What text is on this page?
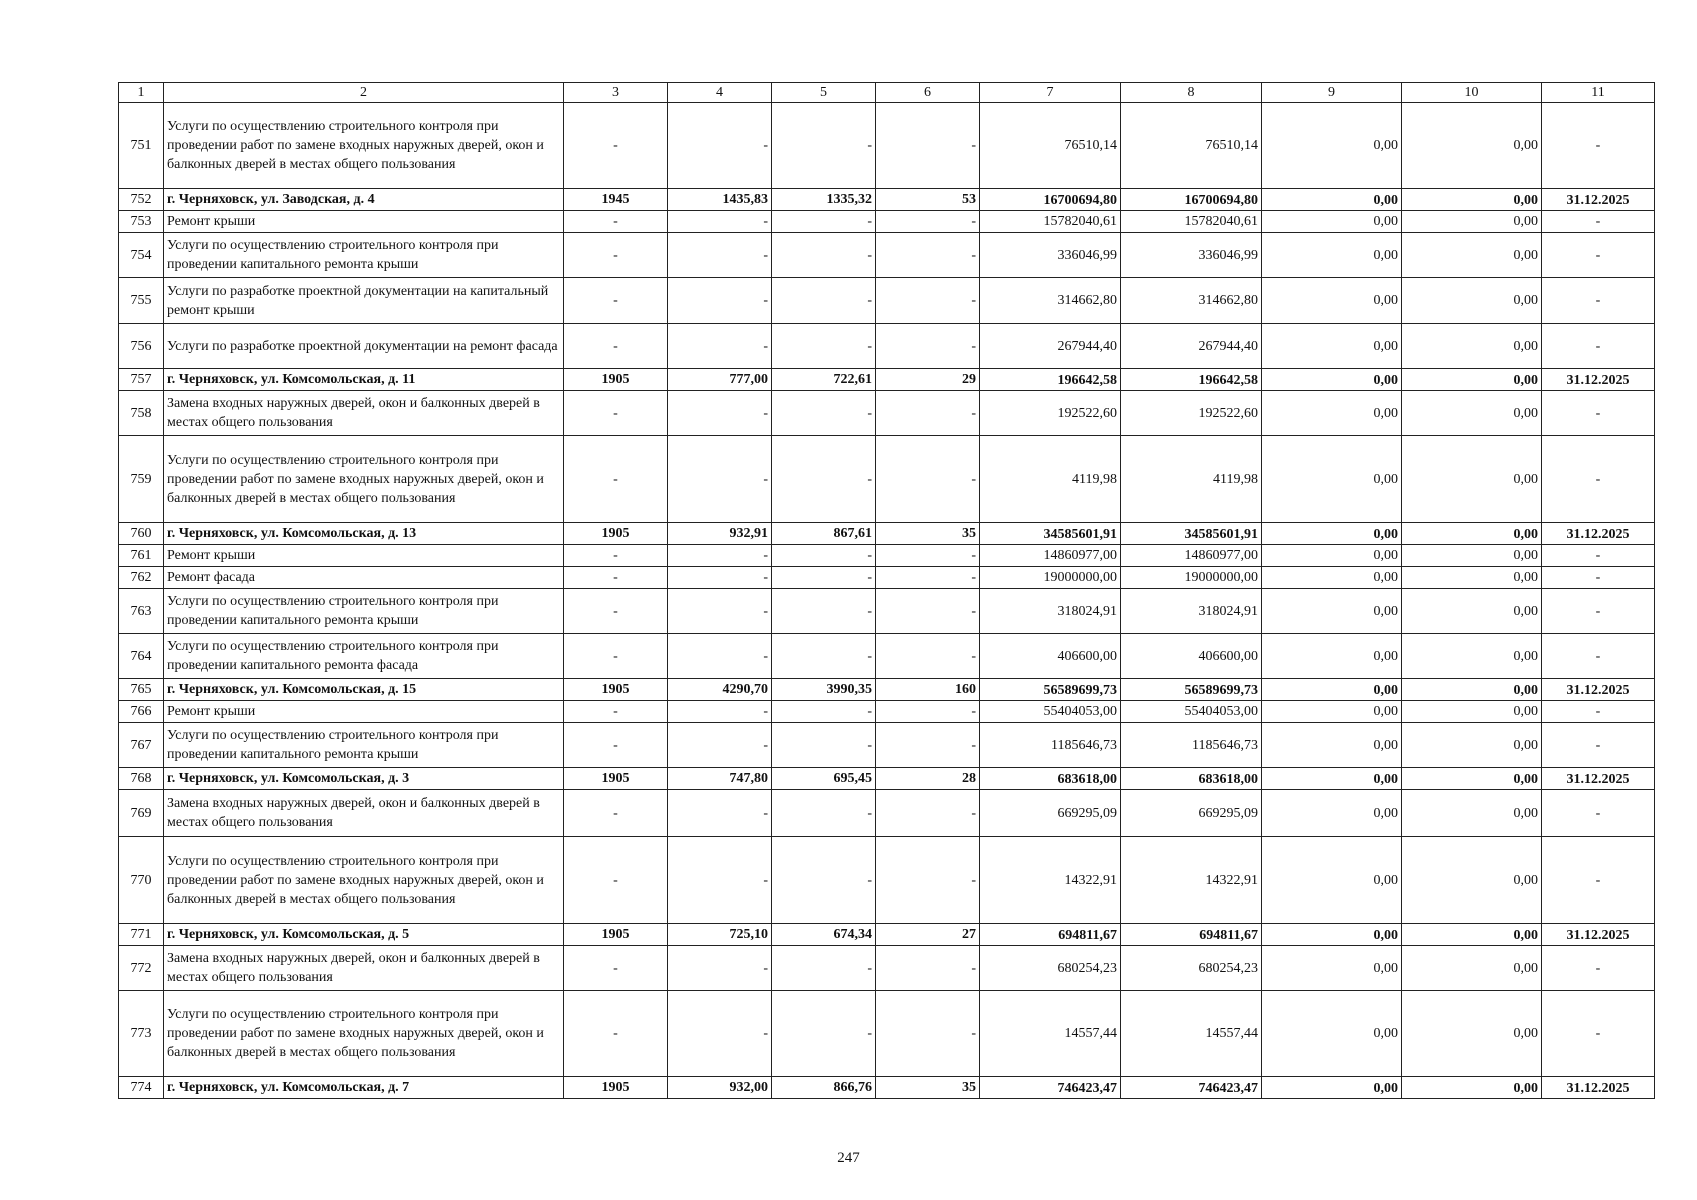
1	2	3	4	5	6	7	8	9	10	11
751	Услуги по осуществлению строительного контроля при проведении работ по замене входных наружных дверей, окон и балконных дверей в местах общего пользования	-	-	-	-	76510,14	76510,14	0,00	0,00	-
752	г. Черняховск, ул. Заводская, д. 4	1945	1435,83	1335,32	53	16700694,80	16700694,80	0,00	0,00	31.12.2025
753	Ремонт крыши	-	-	-	-	15782040,61	15782040,61	0,00	0,00	-
754	Услуги по осуществлению строительного контроля при проведении капитального ремонта крыши	-	-	-	-	336046,99	336046,99	0,00	0,00	-
755	Услуги по разработке проектной документации на капитальный ремонт крыши	-	-	-	-	314662,80	314662,80	0,00	0,00	-
756	Услуги по разработке проектной документации на ремонт фасада	-	-	-	-	267944,40	267944,40	0,00	0,00	-
757	г. Черняховск, ул. Комсомольская, д. 11	1905	777,00	722,61	29	196642,58	196642,58	0,00	0,00	31.12.2025
758	Замена входных наружных дверей, окон и балконных дверей в местах общего пользования	-	-	-	-	192522,60	192522,60	0,00	0,00	-
759	Услуги по осуществлению строительного контроля при проведении работ по замене входных наружных дверей, окон и балконных дверей в местах общего пользования	-	-	-	-	4119,98	4119,98	0,00	0,00	-
760	г. Черняховск, ул. Комсомольская, д. 13	1905	932,91	867,61	35	34585601,91	34585601,91	0,00	0,00	31.12.2025
761	Ремонт крыши	-	-	-	-	14860977,00	14860977,00	0,00	0,00	-
762	Ремонт фасада	-	-	-	-	19000000,00	19000000,00	0,00	0,00	-
763	Услуги по осуществлению строительного контроля при проведении капитального ремонта крыши	-	-	-	-	318024,91	318024,91	0,00	0,00	-
764	Услуги по осуществлению строительного контроля при проведении капитального ремонта фасада	-	-	-	-	406600,00	406600,00	0,00	0,00	-
765	г. Черняховск, ул. Комсомольская, д. 15	1905	4290,70	3990,35	160	56589699,73	56589699,73	0,00	0,00	31.12.2025
766	Ремонт крыши	-	-	-	-	55404053,00	55404053,00	0,00	0,00	-
767	Услуги по осуществлению строительного контроля при проведении капитального ремонта крыши	-	-	-	-	1185646,73	1185646,73	0,00	0,00	-
768	г. Черняховск, ул. Комсомольская, д. 3	1905	747,80	695,45	28	683618,00	683618,00	0,00	0,00	31.12.2025
769	Замена входных наружных дверей, окон и балконных дверей в местах общего пользования	-	-	-	-	669295,09	669295,09	0,00	0,00	-
770	Услуги по осуществлению строительного контроля при проведении работ по замене входных наружных дверей, окон и балконных дверей в местах общего пользования	-	-	-	-	14322,91	14322,91	0,00	0,00	-
771	г. Черняховск, ул. Комсомольская, д. 5	1905	725,10	674,34	27	694811,67	694811,67	0,00	0,00	31.12.2025
772	Замена входных наружных дверей, окон и балконных дверей в местах общего пользования	-	-	-	-	680254,23	680254,23	0,00	0,00	-
773	Услуги по осуществлению строительного контроля при проведении работ по замене входных наружных дверей, окон и балконных дверей в местах общего пользования	-	-	-	-	14557,44	14557,44	0,00	0,00	-
774	г. Черняховск, ул. Комсомольская, д. 7	1905	932,00	866,76	35	746423,47	746423,47	0,00	0,00	31.12.2025
247
